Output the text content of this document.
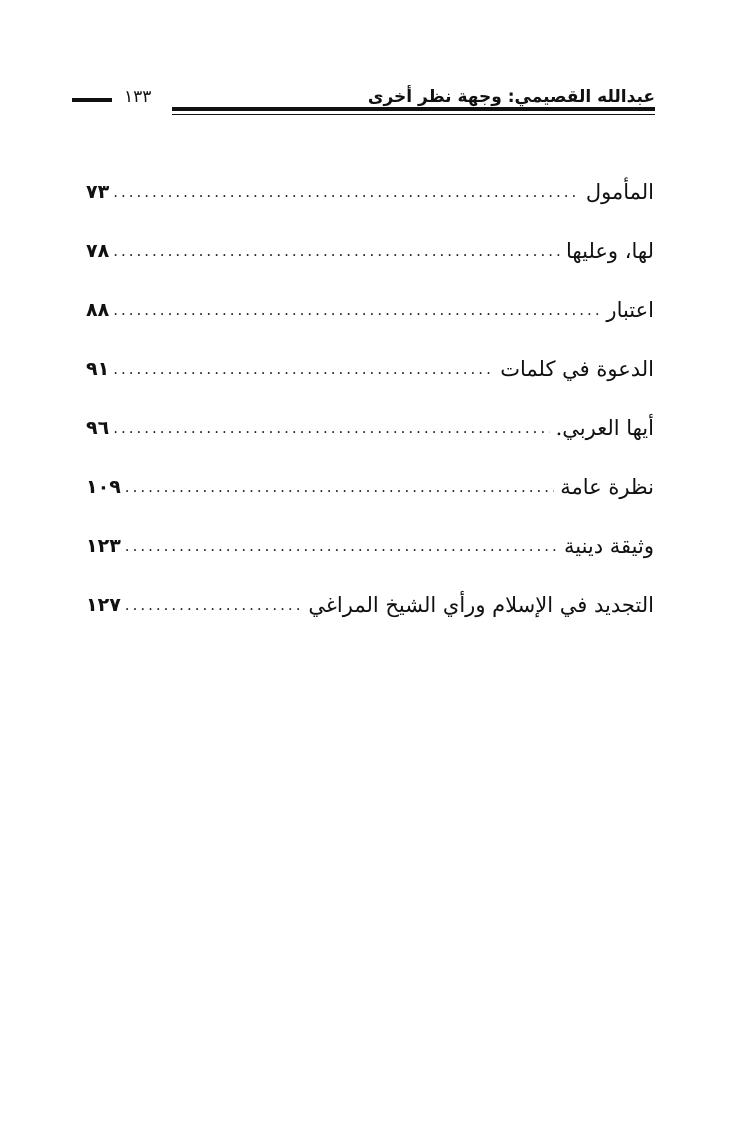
عبدالله القصيمي: وجهة نظر أخرى
١٣٣
المأمول
.....
٧٣
لها، وعليها
.....
٧٨
اعتبار
.....
٨٨
الدعوة في كلمات
.....
٩١
أيها العربي.
.....
٩٦
نظرة عامة
.....
١٠٩
وثيقة دينية
.....
١٢٣
التجديد في الإسلام ورأي الشيخ المراغي
.....
١٢٧
